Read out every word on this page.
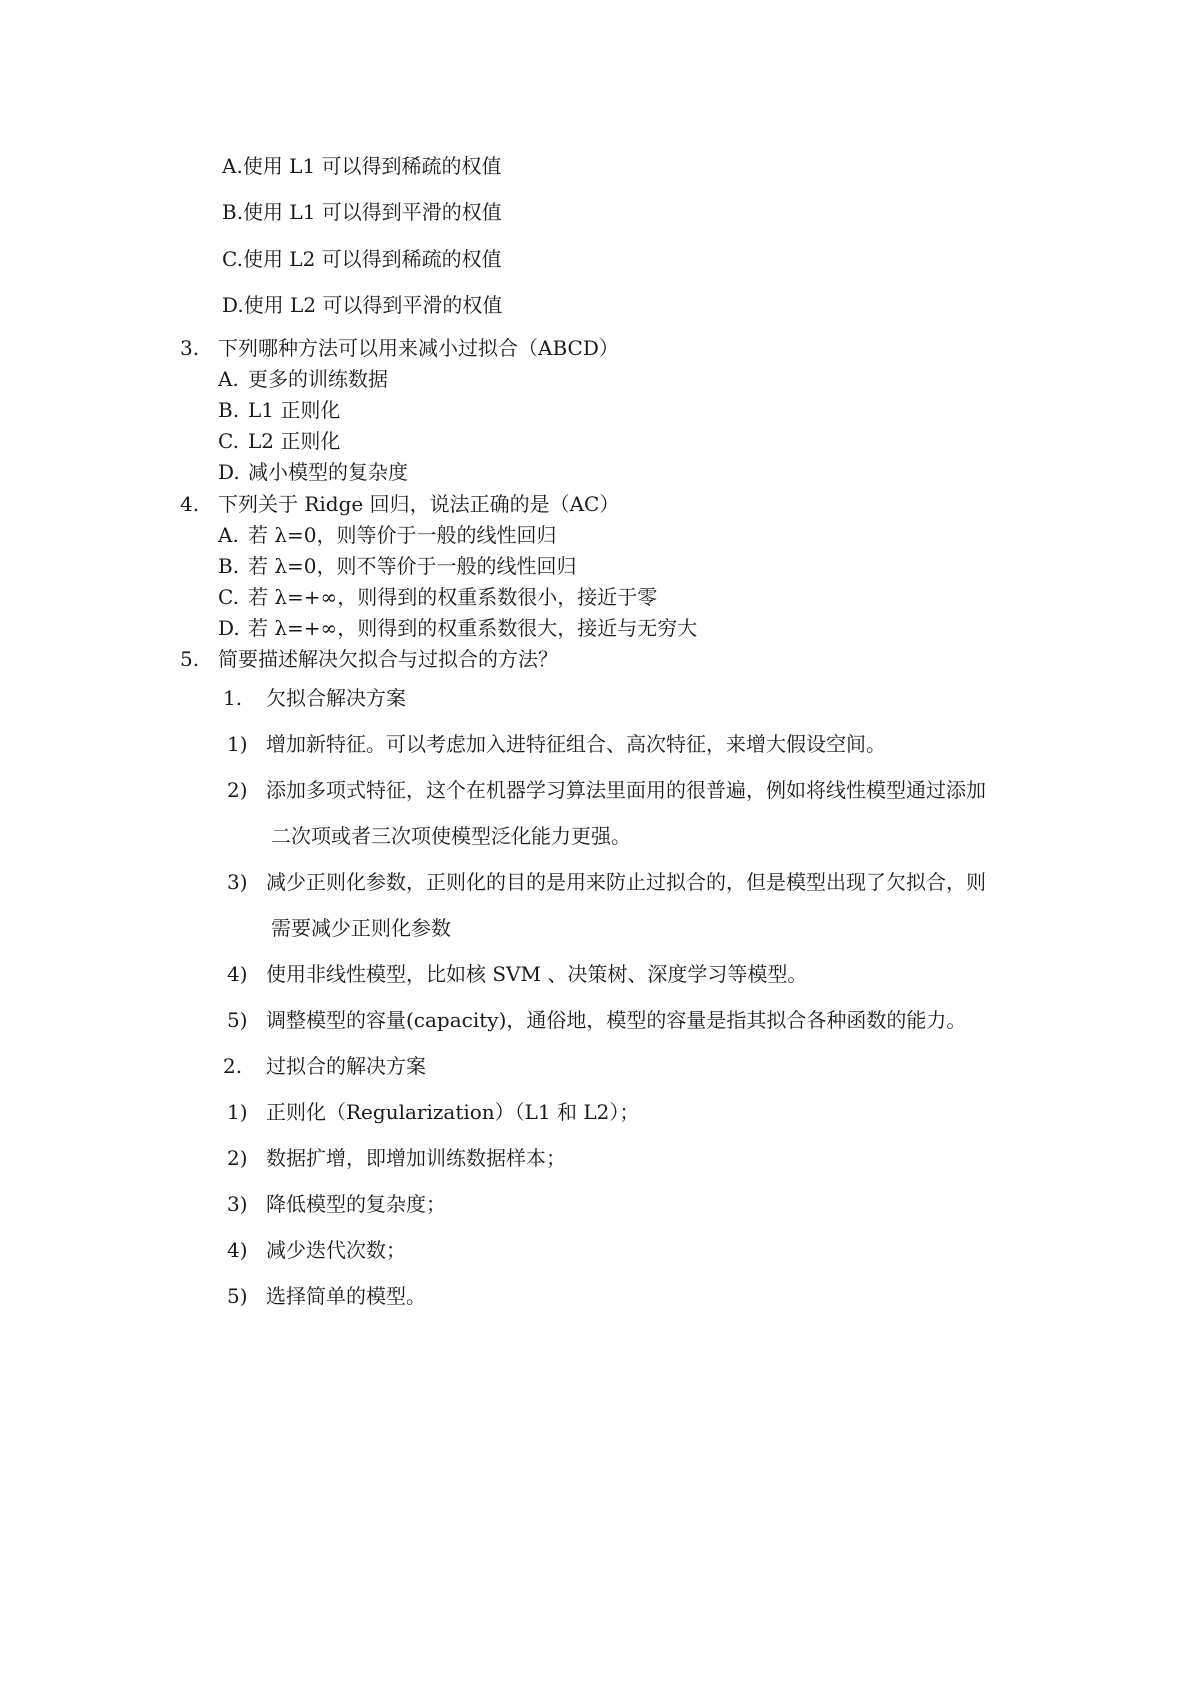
A.使用 L1 可以得到稀疏的权值
B.使用 L1 可以得到平滑的权值
C.使用 L2 可以得到稀疏的权值
D.使用 L2 可以得到平滑的权值
3. 下列哪种方法可以用来减小过拟合（ABCD）
A. 更多的训练数据
B. L1 正则化
C. L2 正则化
D. 减小模型的复杂度
4. 下列关于 Ridge 回归，说法正确的是（AC）
A. 若 λ=0，则等价于一般的线性回归
B. 若 λ=0，则不等价于一般的线性回归
C. 若 λ=+∞，则得到的权重系数很小，接近于零
D. 若 λ=+∞，则得到的权重系数很大，接近与无穷大
5. 简要描述解决欠拟合与过拟合的方法？
1. 欠拟合解决方案
1) 增加新特征。可以考虑加入进特征组合、高次特征，来增大假设空间。
2) 添加多项式特征，这个在机器学习算法里面用的很普遍，例如将线性模型通过添加
二次项或者三次项使模型泛化能力更强。
3) 减少正则化参数，正则化的目的是用来防止过拟合的，但是模型出现了欠拟合，则
需要减少正则化参数
4) 使用非线性模型，比如核 SVM 、决策树、深度学习等模型。
5) 调整模型的容量(capacity)，通俗地，模型的容量是指其拟合各种函数的能力。
2. 过拟合的解决方案
1) 正则化（Regularization）（L1 和 L2）；
2) 数据扩增，即增加训练数据样本；
3) 降低模型的复杂度；
4) 减少迭代次数；
5) 选择简单的模型。
